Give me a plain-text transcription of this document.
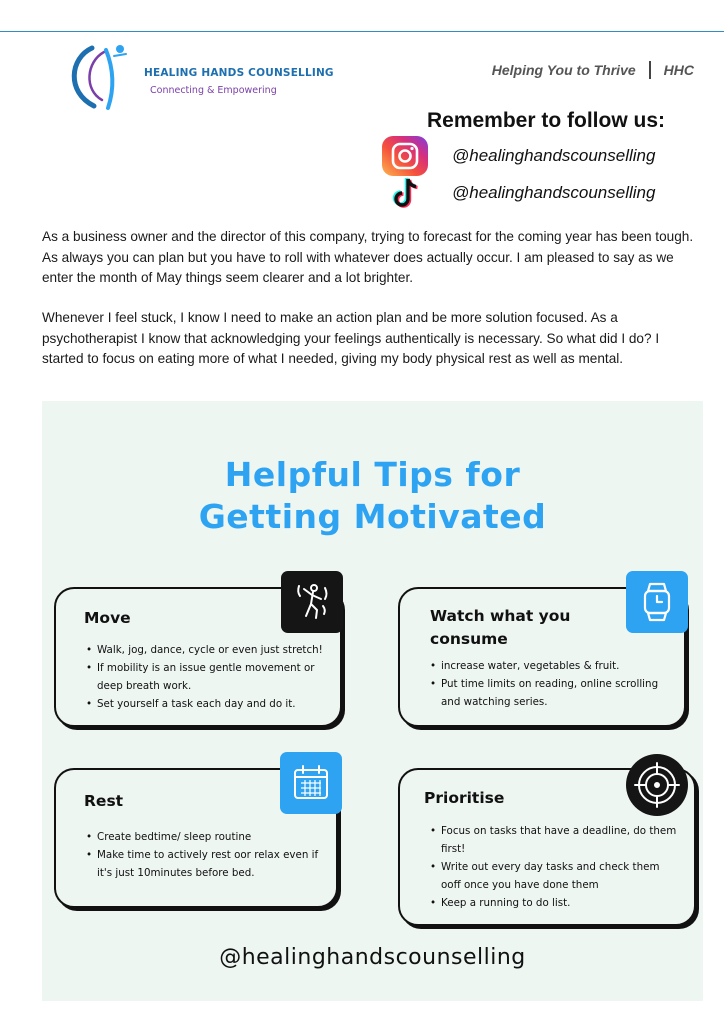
HEALING HANDS COUNSELLING
Connecting & Empowering
Helping You to Thrive HHC
Remember to follow us:
@healinghandscounselling
@healinghandscounselling

As a business owner and the director of this company, trying to forecast for the coming year has been tough. As always you can plan but you have to roll with whatever does actually occur. I am pleased to say as we enter the month of May things seem clearer and a lot brighter.

Whenever I feel stuck, I know I need to make an action plan and be more solution focused. As a psychotherapist I know that acknowledging your feelings authentically is necessary. So what did I do? I started to focus on eating more of what I needed, giving my body physical rest as well as mental.

Helpful Tips for
Getting Motivated
Move
• Walk, jog, dance, cycle or even just stretch!
• If mobility is an issue gentle movement or deep breath work.
• Set yourself a task each day and do it.
Watch what you
consume
• increase water, vegetables & fruit.
• Put time limits on reading, online scrolling and watching series.
Rest
• Create bedtime/ sleep routine
• Make time to actively rest oor relax even if it's just 10minutes before bed.
Prioritise
• Focus on tasks that have a deadline, do them first!
• Write out every day tasks and check them ooff once you have done them
• Keep a running to do list.
@healinghandscounselling
